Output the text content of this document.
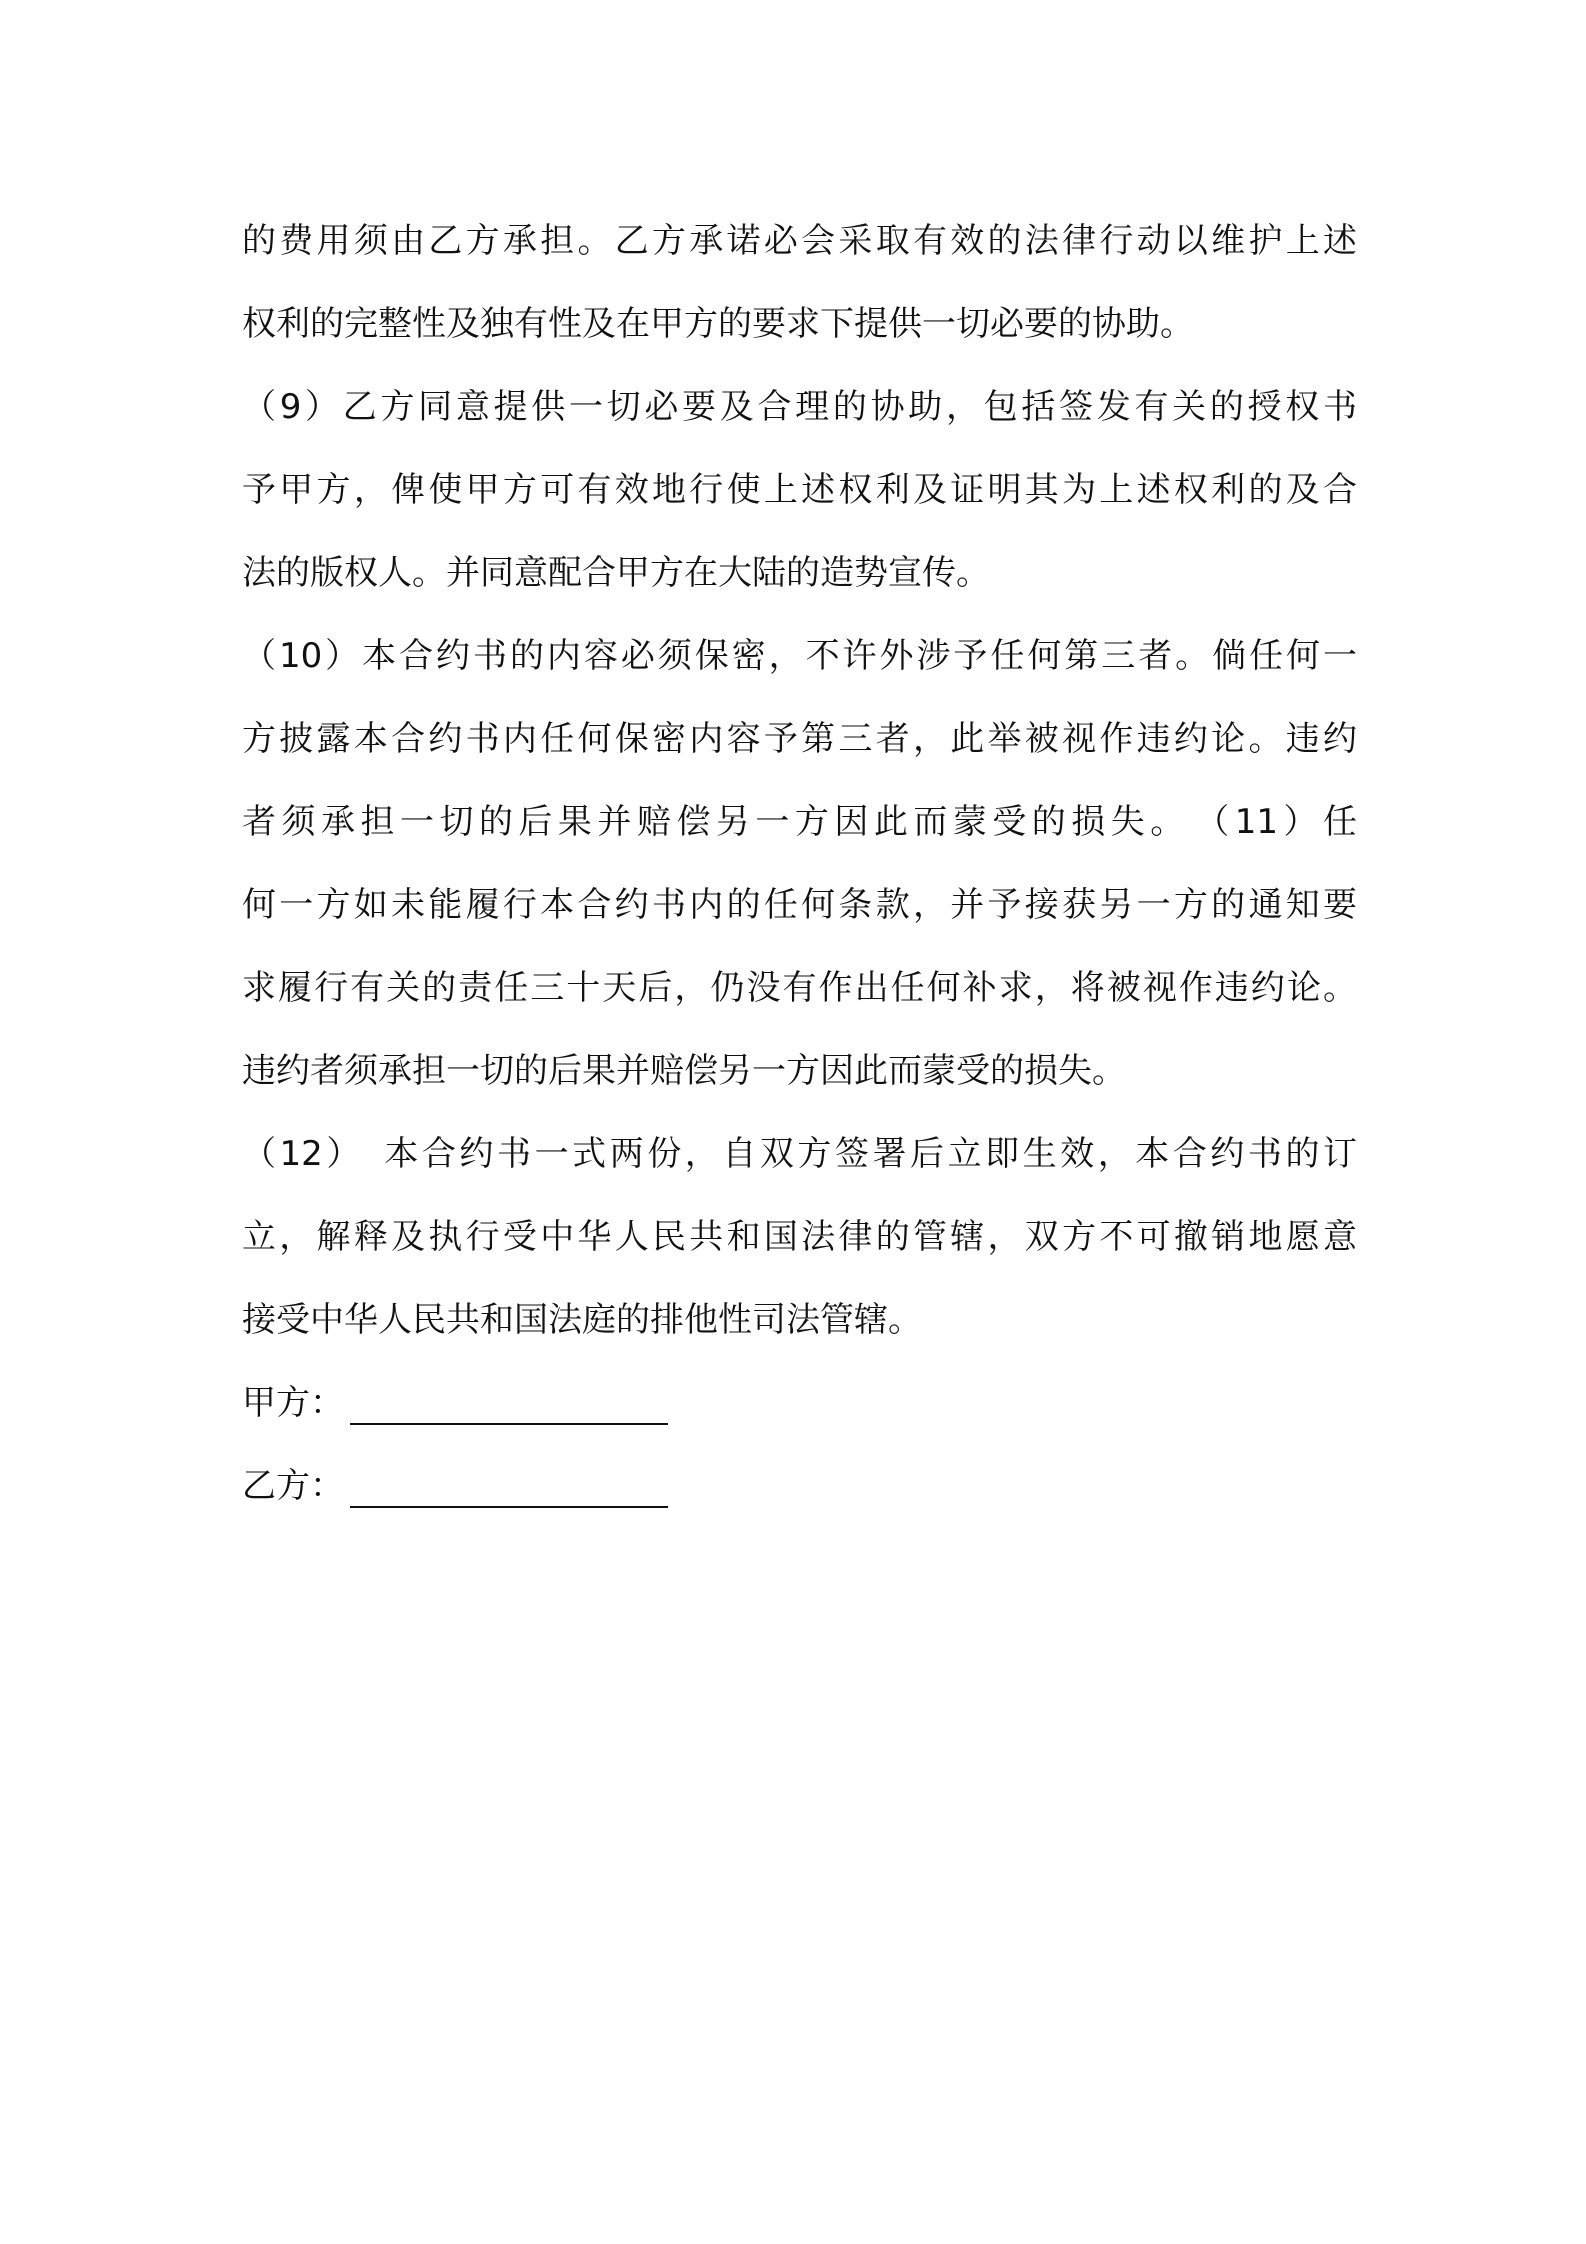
的费用须由乙方承担。乙方承诺必会采取有效的法律行动以维护上述
权利的完整性及独有性及在甲方的要求下提供一切必要的协助。
（9）乙方同意提供一切必要及合理的协助，包括签发有关的授权书
予甲方，俾使甲方可有效地行使上述权利及证明其为上述权利的及合
法的版权人。并同意配合甲方在大陆的造势宣传。
（10）本合约书的内容必须保密，不许外涉予任何第三者。倘任何一
方披露本合约书内任何保密内容予第三者，此举被视作违约论。违约
者须承担一切的后果并赔偿另一方因此而蒙受的损失。　（11）任
何一方如未能履行本合约书内的任何条款，并予接获另一方的通知要
求履行有关的责任三十天后，仍没有作出任何补求，将被视作违约论。
违约者须承担一切的后果并赔偿另一方因此而蒙受的损失。
（12）　本合约书一式两份，自双方签署后立即生效，本合约书的订
立，解释及执行受中华人民共和国法律的管辖，双方不可撤销地愿意
接受中华人民共和国法庭的排他性司法管辖。
甲方：
乙方：
